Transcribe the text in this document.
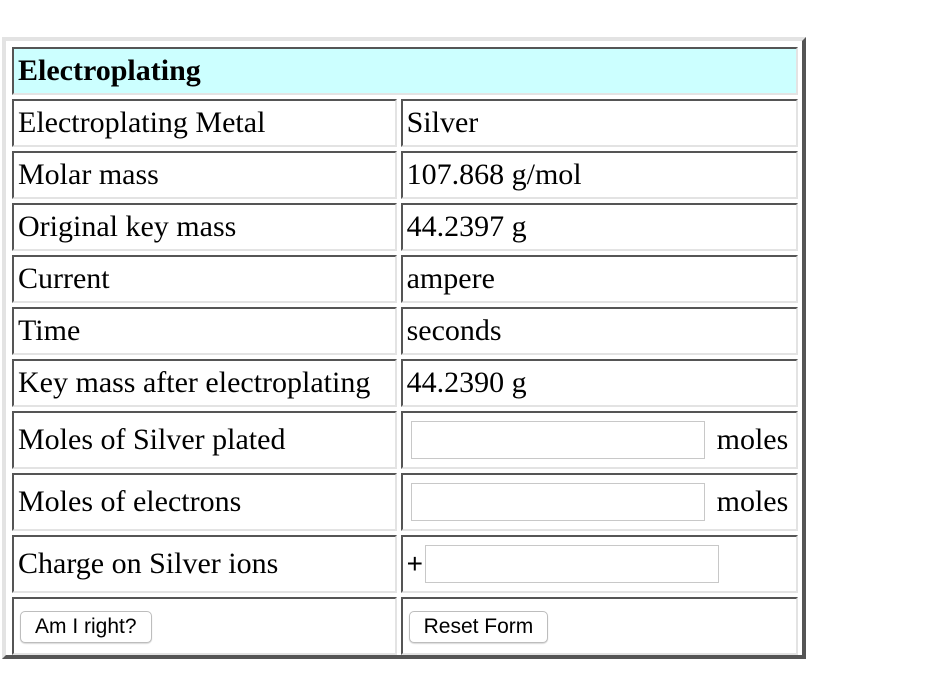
Electroplating	
Electroplating Metal	Silver
Molar mass	107.868 g/mol
Original key mass	44.2397 g
Current	ampere
Time	seconds
Key mass after electroplating	44.2390 g
Moles of Silver plated	moles

Moles of electrons	moles

Charge on Silver ions	+

Am I right?	Reset Form
